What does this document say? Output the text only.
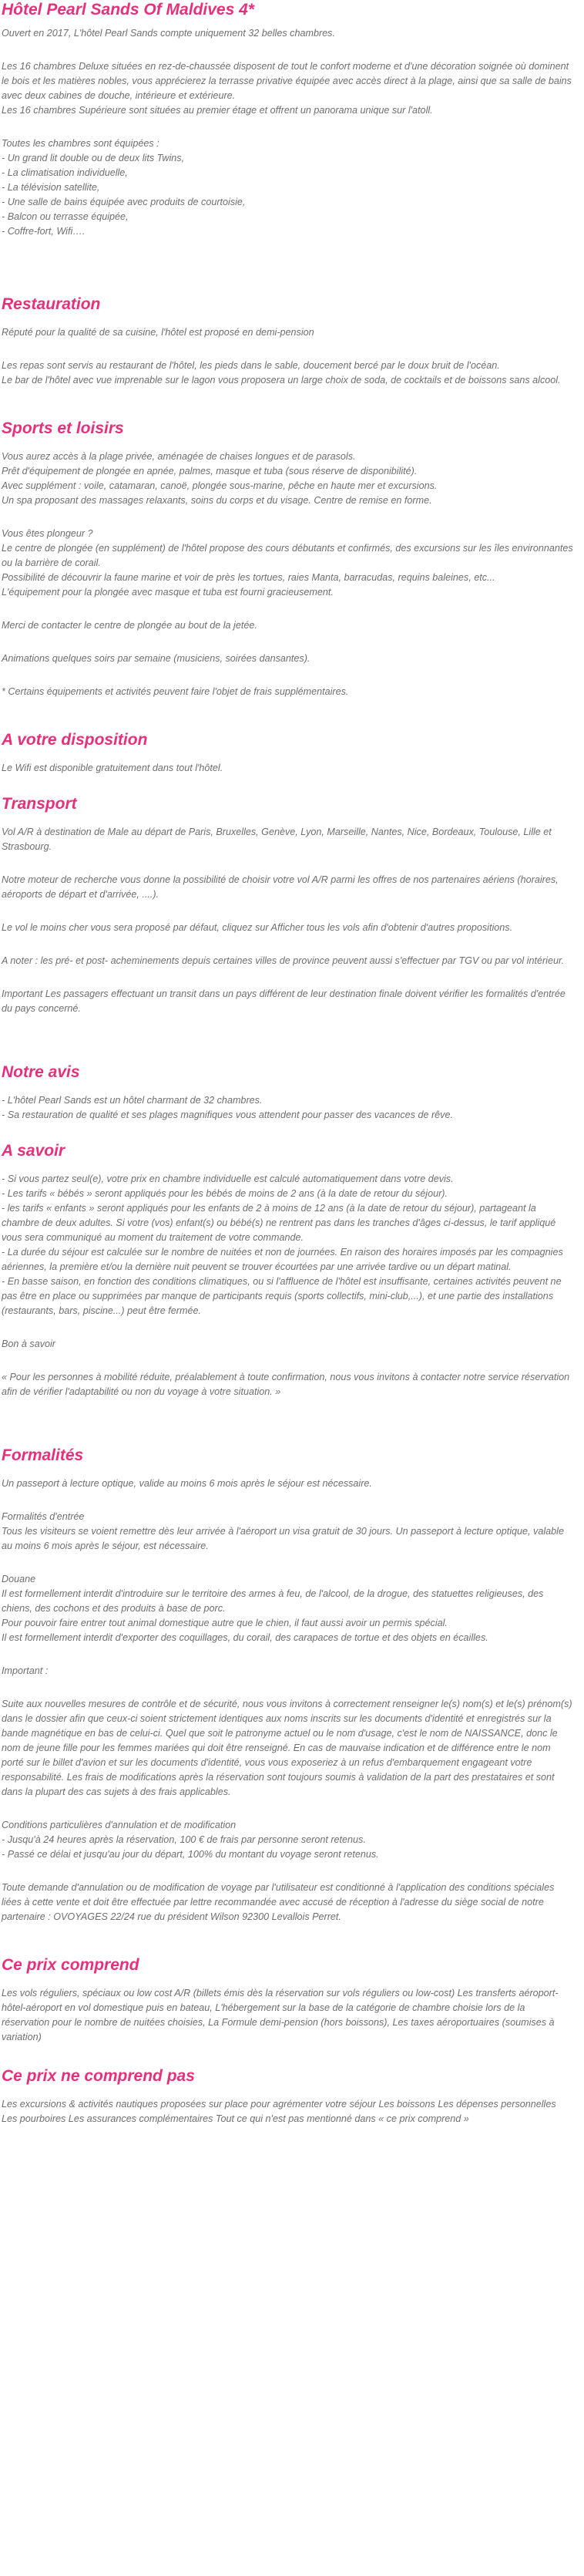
Hôtel Pearl Sands Of Maldives 4*

Ouvert en 2017, L'hôtel Pearl Sands compte uniquement 32 belles chambres.

Les 16 chambres Deluxe situées en rez-de-chaussée disposent de tout le confort moderne et d'une décoration soignée où dominent le bois et les matières nobles, vous apprécierez la terrasse privative équipée avec accès direct à la plage, ainsi que sa salle de bains avec deux cabines de douche, intérieure et extérieure.

Les 16 chambres Supérieure sont situées au premier étage et offrent un panorama unique sur l'atoll.

Toutes les chambres sont équipées :

- Un grand lit double ou de deux lits Twins,
- La climatisation individuelle,
- La télévision satellite,
- Une salle de bains équipée avec produits de courtoisie,
- Balcon ou terrasse équipée,
- Coffre-fort, Wifi….
Restauration

Réputé pour la qualité de sa cuisine, l'hôtel est proposé en demi-pension

Les repas sont servis au restaurant de l'hôtel, les pieds dans le sable, doucement bercé par le doux bruit de l'océan.

Le bar de l'hôtel avec vue imprenable sur le lagon vous proposera un large choix de soda, de cocktails et de boissons sans alcool.

Sports et loisirs
Vous aurez accès à la plage privée, aménagée de chaises longues et de parasols.
Prêt d'équipement de plongée en apnée, palmes, masque et tuba (sous réserve de disponibilité).
Avec supplément : voile, catamaran, canoë, plongée sous-marine, pêche en haute mer et excursions.
Un spa proposant des massages relaxants, soins du corps et du visage. Centre de remise en forme.
Vous êtes plongeur ?
Le centre de plongée (en supplément) de l'hôtel propose des cours débutants et confirmés, des excursions sur les îles environnantes ou la barrière de corail.
Possibilité de découvrir la faune marine et voir de près les tortues, raies Manta, barracudas, requins baleines, etc...
L'équipement pour la plongée avec masque et tuba est fourni gracieusement.

Merci de contacter le centre de plongée au bout de la jetée.

Animations quelques soirs par semaine (musiciens, soirées dansantes).

* Certains équipements et activités peuvent faire l'objet de frais supplémentaires.

A votre disposition

Le Wifi est disponible gratuitement dans tout l'hôtel.

Transport

Vol A/R à destination de Male au départ de Paris, Bruxelles, Genève, Lyon, Marseille, Nantes, Nice, Bordeaux, Toulouse, Lille et Strasbourg.

Notre moteur de recherche vous donne la possibilité de choisir votre vol A/R parmi les offres de nos partenaires aériens (horaires, aéroports de départ et d'arrivée, ....).

Le vol le moins cher vous sera proposé par défaut, cliquez sur Afficher tous les vols afin d'obtenir d'autres propositions.

A noter : les pré- et post- acheminements depuis certaines villes de province peuvent aussi s'effectuer par TGV ou par vol intérieur.

Important Les passagers effectuant un transit dans un pays différent de leur destination finale doivent vérifier les formalités d'entrée du pays concerné.

Notre avis
- L'hôtel Pearl Sands est un hôtel charmant de 32 chambres.
- Sa restauration de qualité et ses plages magnifiques vous attendent pour passer des vacances de rêve.
A savoir
- Si vous partez seul(e), votre prix en chambre individuelle est calculé automatiquement dans votre devis.
- Les tarifs « bébés » seront appliqués pour les bébés de moins de 2 ans (à la date de retour du séjour).
- les tarifs « enfants » seront appliqués pour les enfants de 2 à moins de 12 ans (à la date de retour du séjour), partageant la chambre de deux adultes. Si votre (vos) enfant(s) ou bébé(s) ne rentrent pas dans les tranches d'âges ci-dessus, le tarif appliqué vous sera communiqué au moment du traitement de votre commande.
- La durée du séjour est calculée sur le nombre de nuitées et non de journées. En raison des horaires imposés par les compagnies aériennes, la première et/ou la dernière nuit peuvent se trouver écourtées par une arrivée tardive ou un départ matinal.
- En basse saison, en fonction des conditions climatiques, ou si l'affluence de l'hôtel est insuffisante, certaines activités peuvent ne pas être en place ou supprimées par manque de participants requis (sports collectifs, mini-club,...), et une partie des installations (restaurants, bars, piscine...) peut être fermée.

Bon à savoir

« Pour les personnes à mobilité réduite, préalablement à toute confirmation, nous vous invitons à contacter notre service réservation afin de vérifier l'adaptabilité ou non du voyage à votre situation. »

Formalités

Un passeport à lecture optique, valide au moins 6 mois après le séjour est nécessaire.

Formalités d'entrée
Tous les visiteurs se voient remettre dès leur arrivée à l'aéroport un visa gratuit de 30 jours. Un passeport à lecture optique, valable au moins 6 mois après le séjour, est nécessaire.
Douane
Il est formellement interdit d'introduire sur le territoire des armes à feu, de l'alcool, de la drogue, des statuettes religieuses, des chiens, des cochons et des produits à base de porc.
Pour pouvoir faire entrer tout animal domestique autre que le chien, il faut aussi avoir un permis spécial.
Il est formellement interdit d'exporter des coquillages, du corail, des carapaces de tortue et des objets en écailles.

Important :

Suite aux nouvelles mesures de contrôle et de sécurité, nous vous invitons à correctement renseigner le(s) nom(s) et le(s) prénom(s) dans le dossier afin que ceux-ci soient strictement identiques aux noms inscrits sur les documents d'identité et enregistrés sur la bande magnétique en bas de celui-ci. Quel que soit le patronyme actuel ou le nom d'usage, c'est le nom de NAISSANCE, donc le nom de jeune fille pour les femmes mariées qui doit être renseigné. En cas de mauvaise indication et de différence entre le nom porté sur le billet d'avion et sur les documents d'identité, vous vous exposeriez à un refus d'embarquement engageant votre responsabilité. Les frais de modifications après la réservation sont toujours soumis à validation de la part des prestataires et sont dans la plupart des cas sujets à des frais applicables.

Conditions particulières d'annulation et de modification
- Jusqu'à 24 heures après la réservation, 100 € de frais par personne seront retenus.
- Passé ce délai et jusqu'au jour du départ, 100% du montant du voyage seront retenus.

Toute demande d'annulation ou de modification de voyage par l'utilisateur est conditionné à l'application des conditions spéciales liées à cette vente et doit être effectuée par lettre recommandée avec accusé de réception à l'adresse du siège social de notre partenaire : OVOYAGES 22/24 rue du président Wilson 92300 Levallois Perret.

Ce prix comprend

Les vols réguliers, spéciaux ou low cost A/R (billets émis dès la réservation sur vols réguliers ou low-cost) Les transferts aéroport-hôtel-aéroport en vol domestique puis en bateau, L'hébergement sur la base de la catégorie de chambre choisie lors de la réservation pour le nombre de nuitées choisies, La Formule demi-pension (hors boissons), Les taxes aéroportuaires (soumises à variation)

Ce prix ne comprend pas

Les excursions & activités nautiques proposées sur place pour agrémenter votre séjour Les boissons Les dépenses personnelles Les pourboires Les assurances complémentaires Tout ce qui n'est pas mentionné dans « ce prix comprend »
